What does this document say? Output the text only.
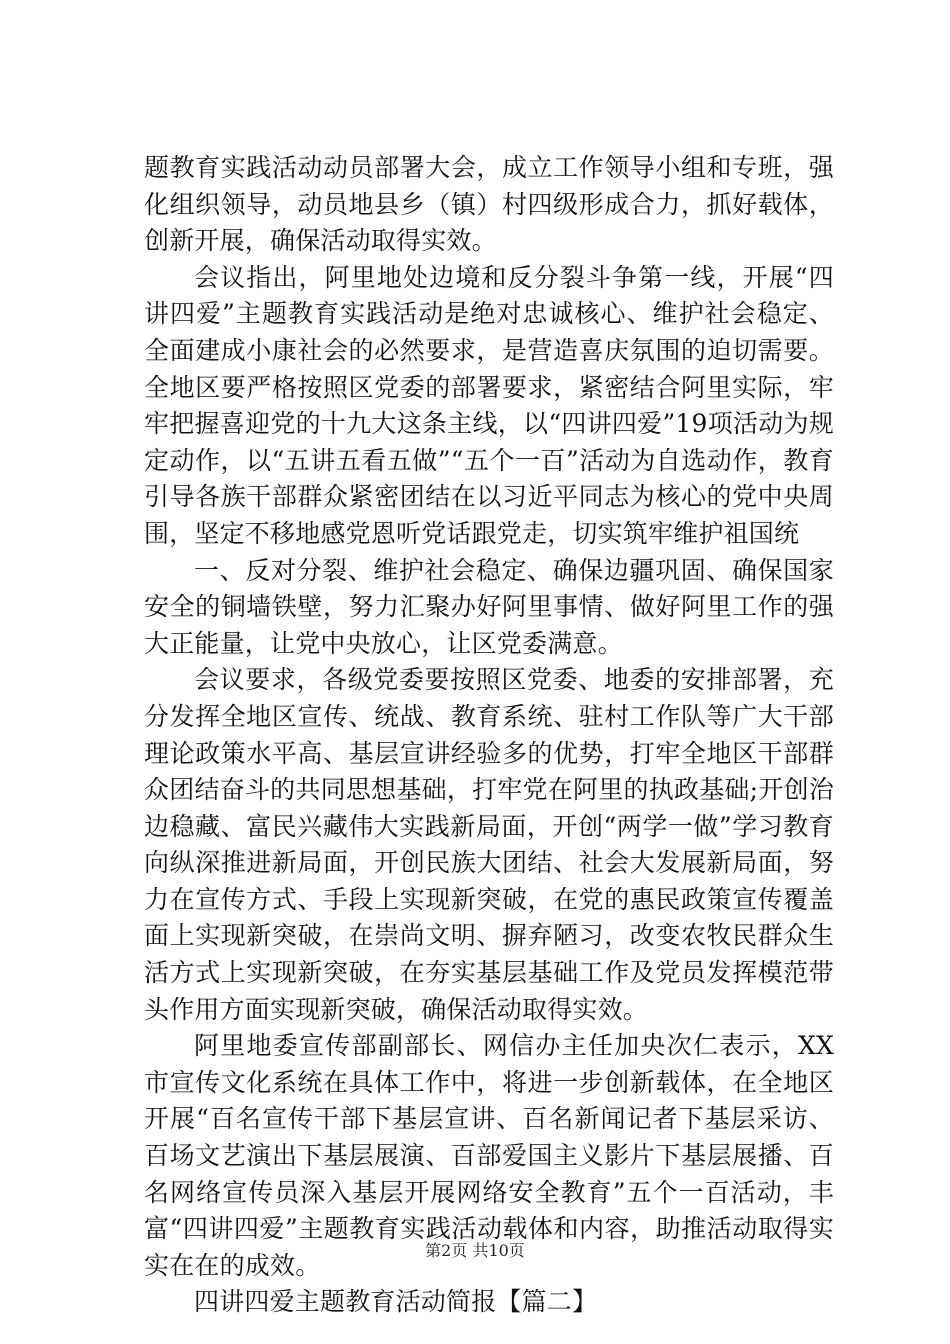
题教育实践活动动员部署大会，成立工作领导小组和专班，强化组织领导，动员地县乡（镇）村四级形成合力，抓好载体，创新开展，确保活动取得实效。

会议指出，阿里地处边境和反分裂斗争第一线，开展“四讲四爱”主题教育实践活动是绝对忠诚核心、维护社会稳定、全面建成小康社会的必然要求，是营造喜庆氛围的迫切需要。全地区要严格按照区党委的部署要求，紧密结合阿里实际，牢牢把握喜迎党的十九大这条主线，以“四讲四爱”19项活动为规定动作，以“五讲五看五做”“五个一百”活动为自选动作，教育引导各族干部群众紧密团结在以习近平同志为核心的党中央周围，坚定不移地感党恩听党话跟党走，切实筑牢维护祖国统

一、反对分裂、维护社会稳定、确保边疆巩固、确保国家安全的铜墙铁壁，努力汇聚办好阿里事情、做好阿里工作的强大正能量，让党中央放心，让区党委满意。

会议要求，各级党委要按照区党委、地委的安排部署，充分发挥全地区宣传、统战、教育系统、驻村工作队等广大干部理论政策水平高、基层宣讲经验多的优势，打牢全地区干部群众团结奋斗的共同思想基础，打牢党在阿里的执政基础;开创治边稳藏、富民兴藏伟大实践新局面，开创“两学一做”学习教育向纵深推进新局面，开创民族大团结、社会大发展新局面，努力在宣传方式、手段上实现新突破，在党的惠民政策宣传覆盖面上实现新突破，在崇尚文明、摒弃陋习，改变农牧民群众生活方式上实现新突破，在夯实基层基础工作及党员发挥模范带头作用方面实现新突破，确保活动取得实效。

阿里地委宣传部副部长、网信办主任加央次仁表示，XX市宣传文化系统在具体工作中，将进一步创新载体，在全地区开展“百名宣传干部下基层宣讲、百名新闻记者下基层采访、百场文艺演出下基层展演、百部爱国主义影片下基层展播、百名网络宣传员深入基层开展网络安全教育”五个一百活动，丰富“四讲四爱”主题教育实践活动载体和内容，助推活动取得实实在在的成效。

四讲四爱主题教育活动简报【篇二】

第2页 共10页
